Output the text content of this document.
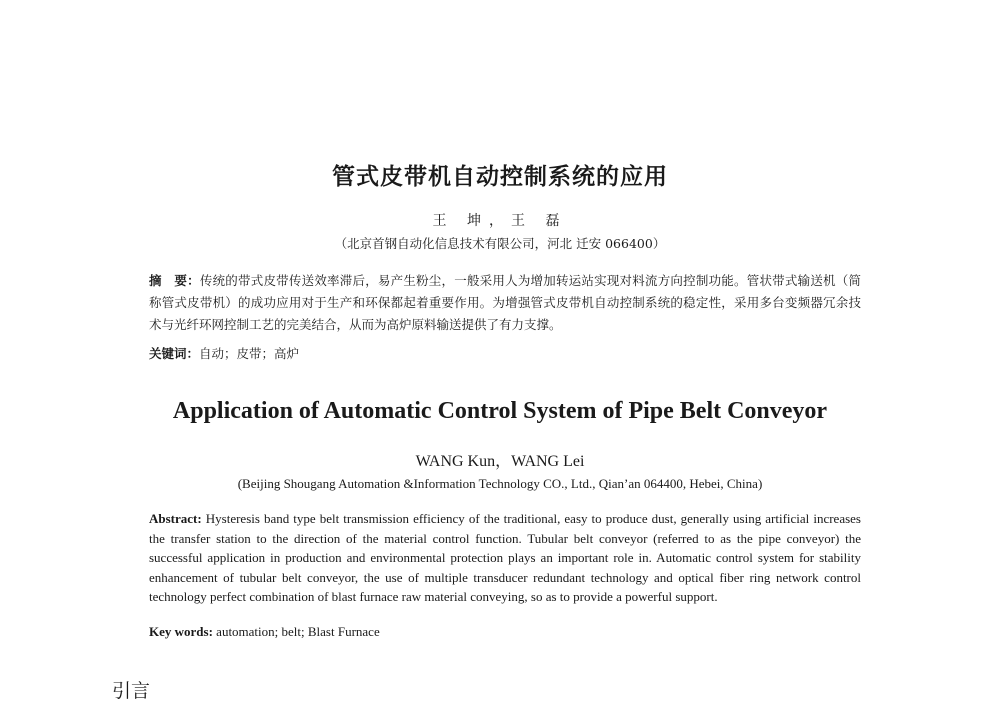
管式皮带机自动控制系统的应用
王 坤，王 磊
（北京首钢自动化信息技术有限公司，河北 迁安 066400）
摘　要：传统的带式皮带传送效率滞后，易产生粉尘，一般采用人为增加转运站实现对料流方向控制功能。管状带式输送机（简称管式皮带机）的成功应用对于生产和环保都起着重要作用。为增强管式皮带机自动控制系统的稳定性，采用多台变频器冗余技术与光纤环网控制工艺的完美结合，从而为高炉原料输送提供了有力支撑。
关键词：自动；皮带；高炉
Application of Automatic Control System of Pipe Belt Conveyor
WANG Kun，WANG Lei
(Beijing Shougang Automation &Information Technology CO., Ltd., Qian’an 064400, Hebei, China)
Abstract: Hysteresis band type belt transmission efficiency of the traditional, easy to produce dust, generally using artificial increases the transfer station to the direction of the material control function. Tubular belt conveyor (referred to as the pipe conveyor) the successful application in production and environmental protection plays an important role in. Automatic control system for stability enhancement of tubular belt conveyor, the use of multiple transducer redundant technology and optical fiber ring network control technology perfect combination of blast furnace raw material conveying, so as to provide a powerful support.
Key words: automation; belt; Blast Furnace
引言
